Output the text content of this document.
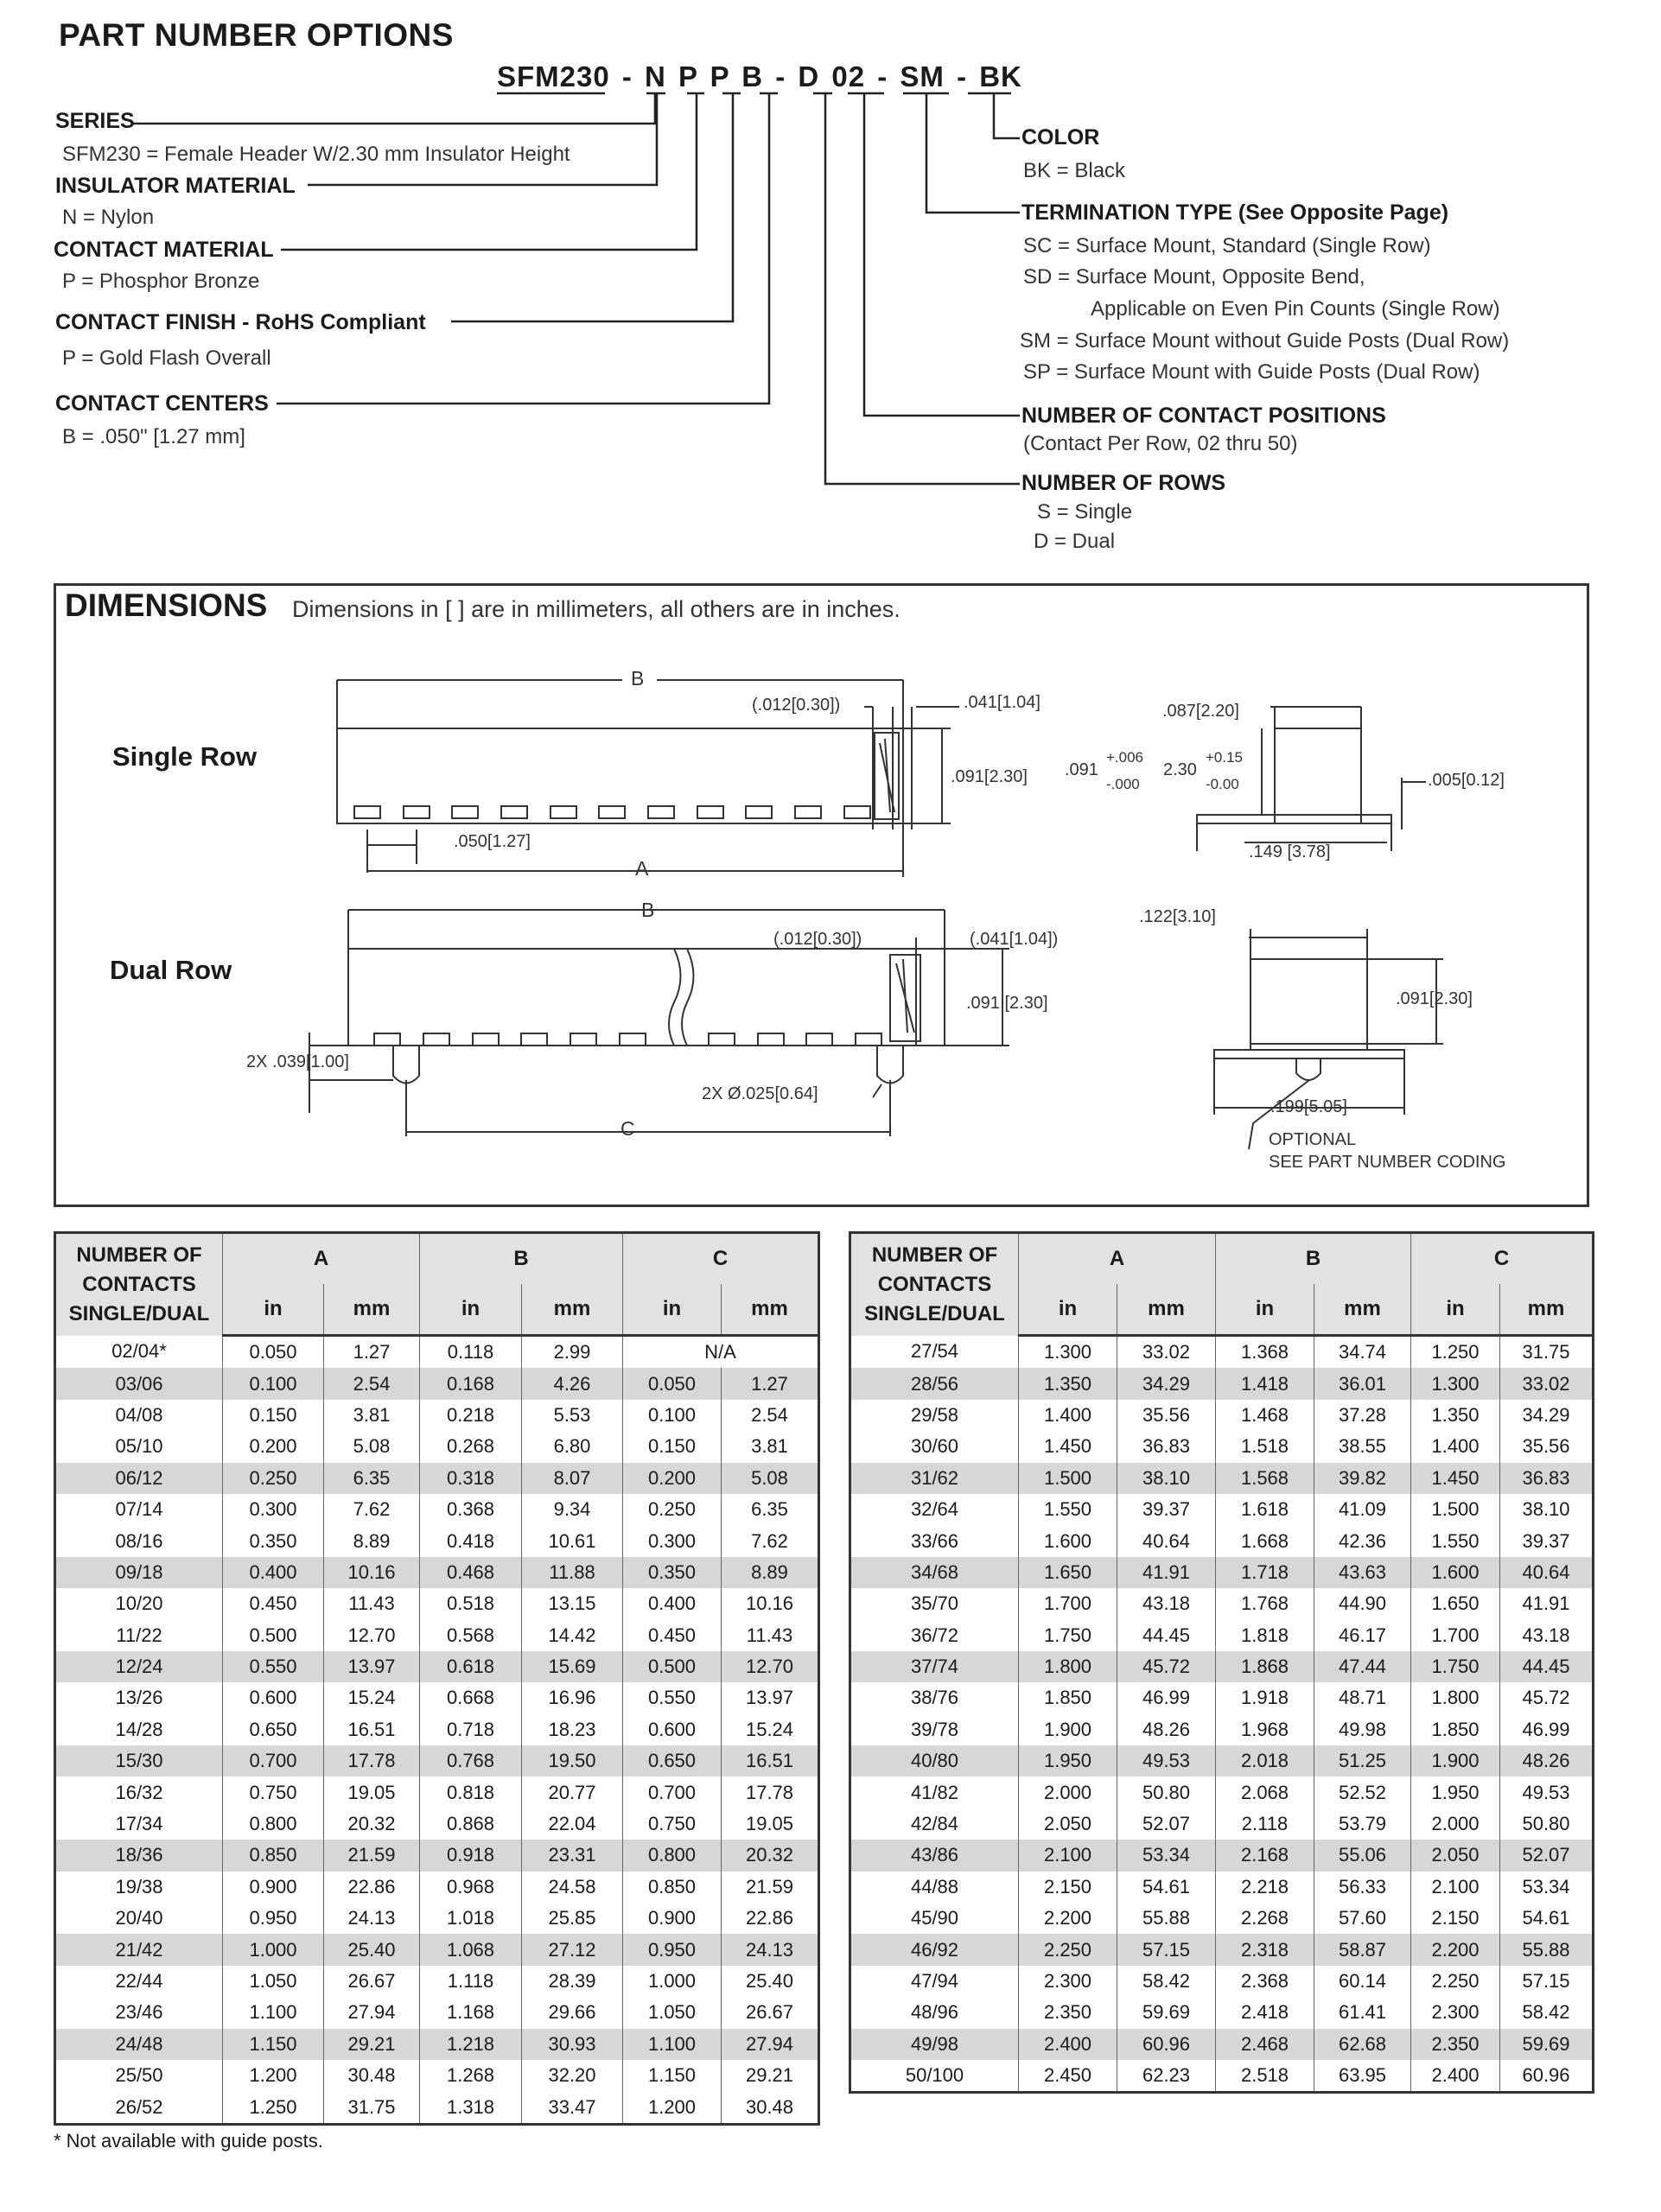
PART NUMBER OPTIONS
SFM230 - N P P B - D 02 - SM - BK
SERIES
SFM230 = Female Header W/2.30 mm Insulator Height
INSULATOR MATERIAL
N = Nylon
CONTACT MATERIAL
P = Phosphor Bronze
CONTACT FINISH - RoHS Compliant
P = Gold Flash Overall
CONTACT CENTERS
B = .050" [1.27 mm]
COLOR
BK = Black
TERMINATION TYPE (See Opposite Page)
SC = Surface Mount, Standard (Single Row)
SD = Surface Mount, Opposite Bend,
Applicable on Even Pin Counts (Single Row)
SM = Surface Mount without Guide Posts (Dual Row)
SP = Surface Mount with Guide Posts (Dual Row)
NUMBER OF CONTACT POSITIONS
(Contact Per Row, 02 thru 50)
NUMBER OF ROWS
S = Single
D = Dual
DIMENSIONS Dimensions in [ ] are in millimeters, all others are in inches.
Single Row
Dual Row
B
(.012[0.30])	.041[1.04]
.091[2.30]
.050[1.27]
A
.087[2.20]
.091
+.006
-.000
2.30
+0.15
-0.00	.005[0.12]
.149 [3.78]
B
(.012[0.30])	(.041[1.04])
.091 [2.30]
2X .039[1.00]
2X Ø.025[0.64]
C
.122[3.10]
.091[2.30]
.199[5.05]
OPTIONAL
SEE PART NUMBER CODING
NUMBER OF
CONTACTS
SINGLE/DUAL	A		B		C	
	in	mm	in	mm	in	mm
02/04*	0.050	1.27	0.118	2.99	N/A	
03/06	0.100	2.54	0.168	4.26	0.050	1.27
04/08	0.150	3.81	0.218	5.53	0.100	2.54
05/10	0.200	5.08	0.268	6.80	0.150	3.81
06/12	0.250	6.35	0.318	8.07	0.200	5.08
07/14	0.300	7.62	0.368	9.34	0.250	6.35
08/16	0.350	8.89	0.418	10.61	0.300	7.62
09/18	0.400	10.16	0.468	11.88	0.350	8.89
10/20	0.450	11.43	0.518	13.15	0.400	10.16
11/22	0.500	12.70	0.568	14.42	0.450	11.43
12/24	0.550	13.97	0.618	15.69	0.500	12.70
13/26	0.600	15.24	0.668	16.96	0.550	13.97
14/28	0.650	16.51	0.718	18.23	0.600	15.24
15/30	0.700	17.78	0.768	19.50	0.650	16.51
16/32	0.750	19.05	0.818	20.77	0.700	17.78
17/34	0.800	20.32	0.868	22.04	0.750	19.05
18/36	0.850	21.59	0.918	23.31	0.800	20.32
19/38	0.900	22.86	0.968	24.58	0.850	21.59
20/40	0.950	24.13	1.018	25.85	0.900	22.86
21/42	1.000	25.40	1.068	27.12	0.950	24.13
22/44	1.050	26.67	1.118	28.39	1.000	25.40
23/46	1.100	27.94	1.168	29.66	1.050	26.67
24/48	1.150	29.21	1.218	30.93	1.100	27.94
25/50	1.200	30.48	1.268	32.20	1.150	29.21
26/52	1.250	31.75	1.318	33.47	1.200	30.48
NUMBER OF
CONTACTS
SINGLE/DUAL	A		B		C	
	in	mm	in	mm	in	mm
27/54	1.300	33.02	1.368	34.74	1.250	31.75
28/56	1.350	34.29	1.418	36.01	1.300	33.02
29/58	1.400	35.56	1.468	37.28	1.350	34.29
30/60	1.450	36.83	1.518	38.55	1.400	35.56
31/62	1.500	38.10	1.568	39.82	1.450	36.83
32/64	1.550	39.37	1.618	41.09	1.500	38.10
33/66	1.600	40.64	1.668	42.36	1.550	39.37
34/68	1.650	41.91	1.718	43.63	1.600	40.64
35/70	1.700	43.18	1.768	44.90	1.650	41.91
36/72	1.750	44.45	1.818	46.17	1.700	43.18
37/74	1.800	45.72	1.868	47.44	1.750	44.45
38/76	1.850	46.99	1.918	48.71	1.800	45.72
39/78	1.900	48.26	1.968	49.98	1.850	46.99
40/80	1.950	49.53	2.018	51.25	1.900	48.26
41/82	2.000	50.80	2.068	52.52	1.950	49.53
42/84	2.050	52.07	2.118	53.79	2.000	50.80
43/86	2.100	53.34	2.168	55.06	2.050	52.07
44/88	2.150	54.61	2.218	56.33	2.100	53.34
45/90	2.200	55.88	2.268	57.60	2.150	54.61
46/92	2.250	57.15	2.318	58.87	2.200	55.88
47/94	2.300	58.42	2.368	60.14	2.250	57.15
48/96	2.350	59.69	2.418	61.41	2.300	58.42
49/98	2.400	60.96	2.468	62.68	2.350	59.69
50/100	2.450	62.23	2.518	63.95	2.400	60.96
* Not available with guide posts.
